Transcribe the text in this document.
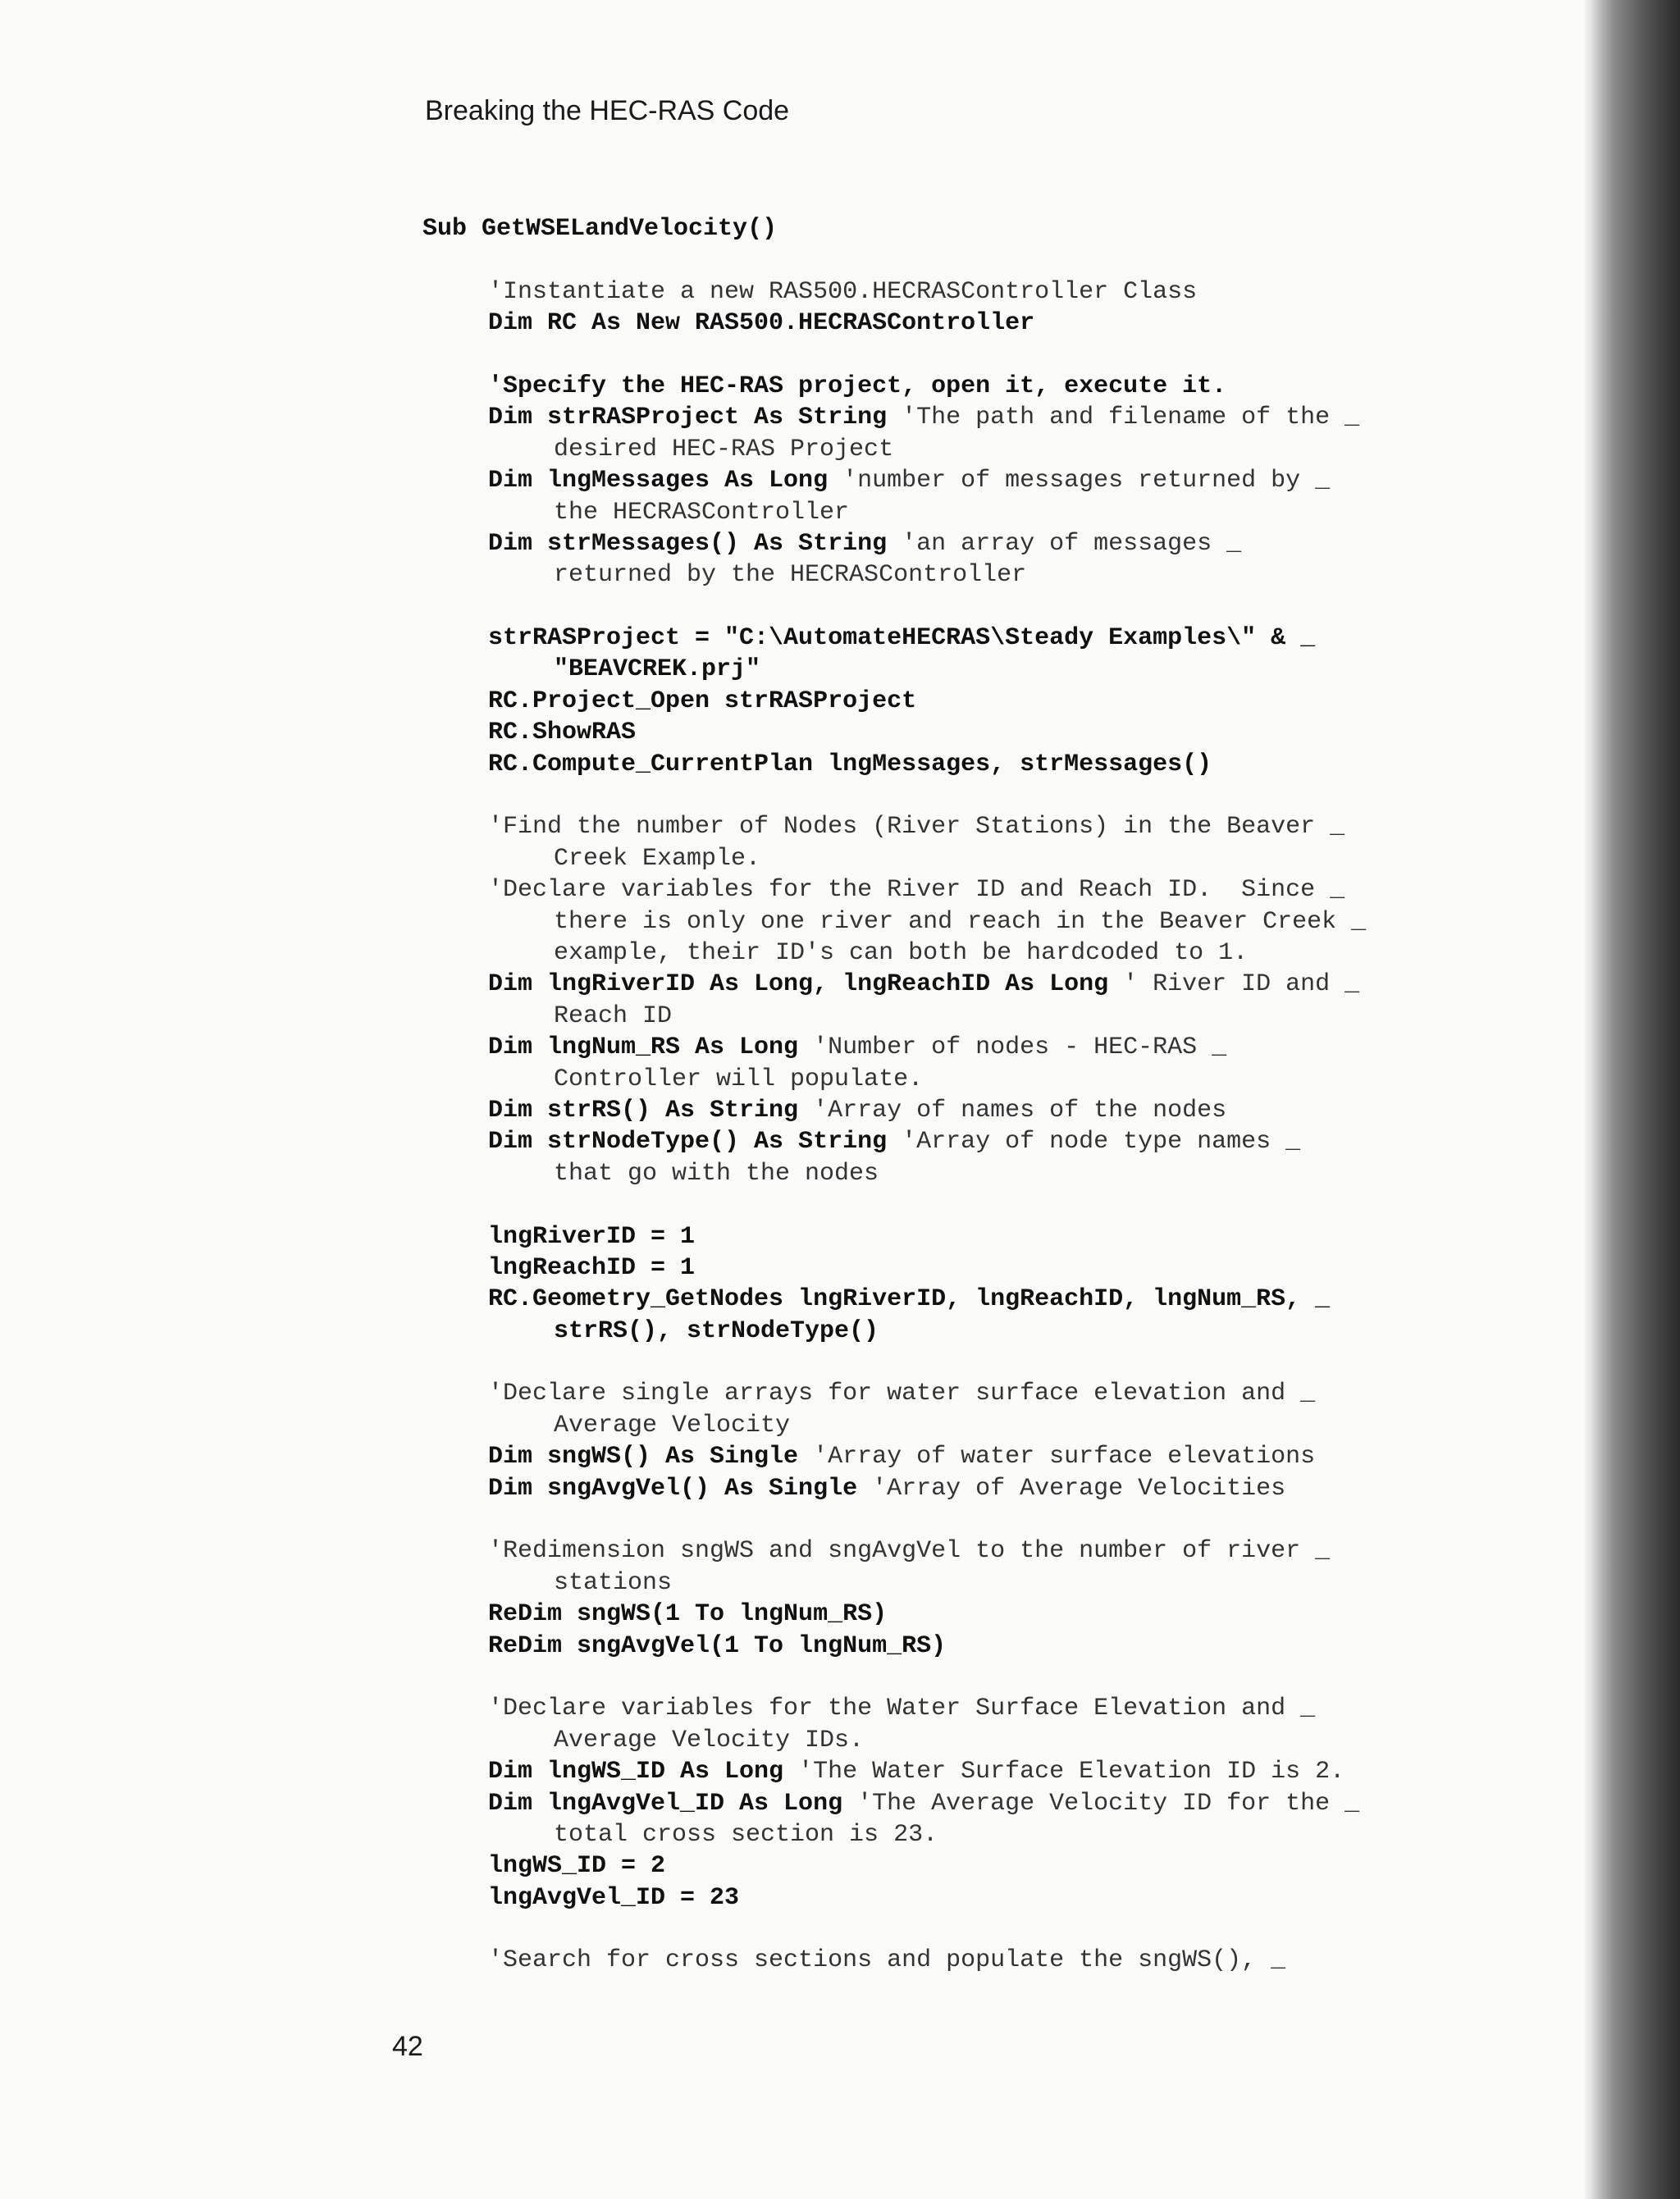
Breaking the HEC-RAS Code
Sub GetWSELandVelocity()
'Instantiate a new RAS500.HECRASController Class
Dim RC As New RAS500.HECRASController
'Specify the HEC-RAS project, open it, execute it.
Dim strRASProject As String 'The path and filename of the _
desired HEC-RAS Project
Dim lngMessages As Long 'number of messages returned by _
the HECRASController
Dim strMessages() As String 'an array of messages _
returned by the HECRASController
strRASProject = "C:\AutomateHECRAS\Steady Examples\" & _
"BEAVCREK.prj"
RC.Project_Open strRASProject
RC.ShowRAS
RC.Compute_CurrentPlan lngMessages, strMessages()
'Find the number of Nodes (River Stations) in the Beaver _
Creek Example.
'Declare variables for the River ID and Reach ID.  Since _
there is only one river and reach in the Beaver Creek _
example, their ID's can both be hardcoded to 1.
Dim lngRiverID As Long, lngReachID As Long ' River ID and _
Reach ID
Dim lngNum_RS As Long 'Number of nodes - HEC-RAS _
Controller will populate.
Dim strRS() As String 'Array of names of the nodes
Dim strNodeType() As String 'Array of node type names _
that go with the nodes
lngRiverID = 1
lngReachID = 1
RC.Geometry_GetNodes lngRiverID, lngReachID, lngNum_RS, _
strRS(), strNodeType()
'Declare single arrays for water surface elevation and _
Average Velocity
Dim sngWS() As Single 'Array of water surface elevations
Dim sngAvgVel() As Single 'Array of Average Velocities
'Redimension sngWS and sngAvgVel to the number of river _
stations
ReDim sngWS(1 To lngNum_RS)
ReDim sngAvgVel(1 To lngNum_RS)
'Declare variables for the Water Surface Elevation and _
Average Velocity IDs.
Dim lngWS_ID As Long 'The Water Surface Elevation ID is 2.
Dim lngAvgVel_ID As Long 'The Average Velocity ID for the _
total cross section is 23.
lngWS_ID = 2
lngAvgVel_ID = 23
'Search for cross sections and populate the sngWS(), _
42
